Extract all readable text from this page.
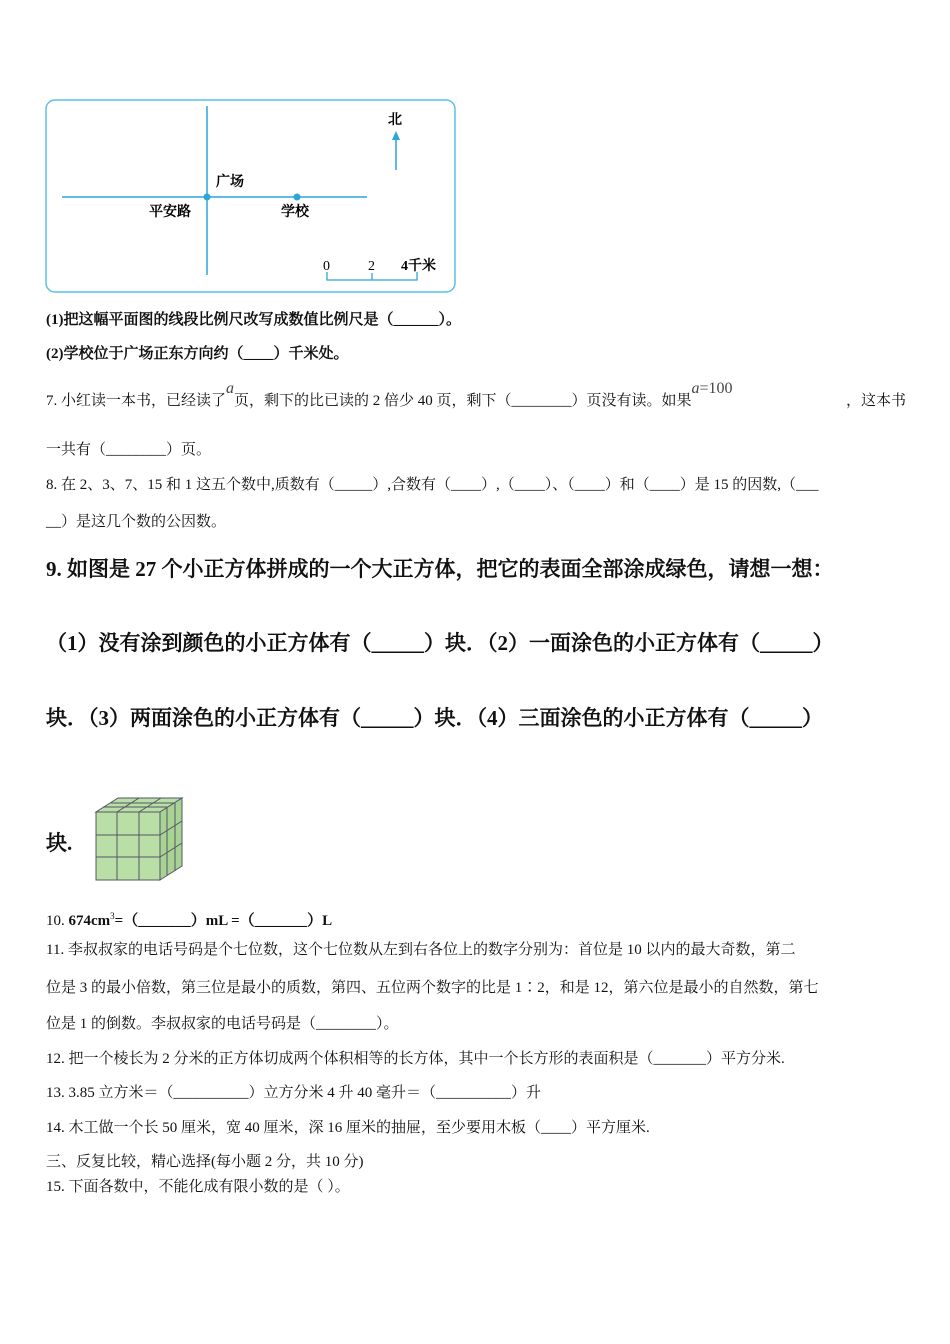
北
广场
平安路	学校
0	2 4千米
(1)把这幅平面图的线段比例尺改写成数值比例尺是（______）。
(2)学校位于广场正东方向约（____）千米处。
7. 小红读一本书，已经读了a页，剩下的比已读的 2 倍少 40 页，剩下（________）页没有读。如果a=100
，这本书
一共有（________）页。
8. 在 2、3、7、15 和 1 这五个数中,质数有（_____）,合数有（____）,（____）、（____）和（____）是 15 的因数,（___
__）是这几个数的公因数。
9. 如图是 27 个小正方体拼成的一个大正方体，把它的表面全部涂成绿色，请想一想：
（1）没有涂到颜色的小正方体有（_____）块．（2）一面涂色的小正方体有（_____）
块．（3）两面涂色的小正方体有（_____）块．（4）三面涂色的小正方体有（_____）
块.
10. $674cm^3=(\_\_\_\_\_\_\_)mL$ =（_______）L
11. 李叔叔家的电话号码是个七位数，这个七位数从左到右各位上的数字分别为：首位是 10 以内的最大奇数，第二
位是 3 的最小倍数，第三位是最小的质数，第四、五位两个数字的比是 1∶2，和是 12，第六位是最小的自然数，第七
位是 1 的倒数。李叔叔家的电话号码是（________）。
12. 把一个棱长为 2 分米的正方体切成两个体积相等的长方体，其中一个长方形的表面积是（_______）平方分米.
13. 3.85 立方米＝（__________）立方分米 4 升 40 毫升＝（__________）升
14. 木工做一个长 50 厘米，宽 40 厘米，深 16 厘米的抽屉，至少要用木板（____）平方厘米.
三、反复比较，精心选择(每小题 2 分，共 10 分)
15. 下面各数中，不能化成有限小数的是（ ）。
